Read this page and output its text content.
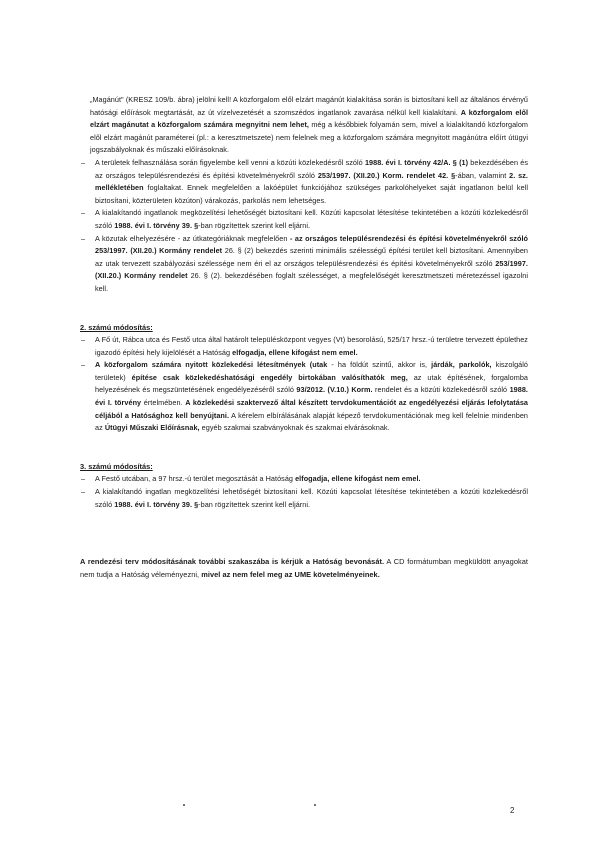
„Magánút" (KRESZ 109/b. ábra) jelölni kell! A közforgalom elől elzárt magánút kialakítása során is biztosítani kell az általános érvényű hatósági előírások megtartását, az út vízelvezetését a szomszédos ingatlanok zavarása nélkül kell kialakítani. A közforgalom elől elzárt magánutat a közforgalom számára megnyitni nem lehet, még a későbbiek folyamán sem, mivel a kialakítandó közforgalom elől elzárt magánút paraméterei (pl.: a keresztmetszete) nem felelnek meg a közforgalom számára megnyitott magánútra előírt útügyi jogszabályoknak és műszaki előírásoknak.

– A területek felhasználása során figyelembe kell venni a közúti közlekedésről szóló 1988. évi I. törvény 42/A. § (1) bekezdésében és az országos településrendezési és építési követelményekről szóló 253/1997. (XII.20.) Korm. rendelet 42. §-ában, valamint 2. sz. mellékletében foglaltakat. Ennek megfelelően a lakóépület funkciójához szükséges parkolóhelyeket saját ingatlanon belül kell biztosítani, közterületen közúton) várakozás, parkolás nem lehetséges.

– A kialakítandó ingatlanok megközelítési lehetőségét biztosítani kell. Közúti kapcsolat létesítése tekintetében a közúti közlekedésről szóló 1988. évi I. törvény 39. §-ban rögzítettek szerint kell eljárni.

– A közutak elhelyezésére - az útkategóriáknak megfelelően - az országos településrendezési és építési követelményekről szóló 253/1997. (XII.20.) Kormány rendelet 26. § (2) bekezdés szerinti minimális szélességű építési terület kell biztosítani. Amennyiben az utak tervezett szabályozási szélessége nem éri el az országos településrendezési és építési követelményekről szóló 253/1997. (XII.20.) Kormány rendelet 26. § (2). bekezdésében foglalt szélességet, a megfelelőségét keresztmetszeti méretezéssel igazolni kell.

2. számú módosítás:

– A Fő út, Rábca utca és Festő utca által határolt településközpont vegyes (Vt) besorolású, 525/17 hrsz.-ú területre tervezett épülethez igazodó építési hely kijelölését a Hatóság elfogadja, ellene kifogást nem emel.

– A közforgalom számára nyitott közlekedési létesítmények (utak - ha földút szintű, akkor is, járdák, parkolók, kiszolgáló területek) építése csak közlekedéshatósági engedély birtokában valósíthatók meg, az utak építésének, forgalomba helyezésének és megszüntetésének engedélyezéséről szóló 93/2012. (V.10.) Korm. rendelet és a közúti közlekedésről szóló 1988. évi I. törvény értelmében. A közlekedési szaktervező által készített tervdokumentációt az engedélyezési eljárás lefolytatása céljából a Hatósághoz kell benyújtani. A kérelem elbírálásának alapját képező tervdokumentációnak meg kell felelnie mindenben az Útügyi Műszaki Előírásnak, egyéb szakmai szabványoknak és szakmai elvárásoknak.

3. számú módosítás:

– A Festő utcában, a 97 hrsz.-ú terület megosztását a Hatóság elfogadja, ellene kifogást nem emel.

– A kialakítandó ingatlan megközelítési lehetőségét biztosítani kell. Közúti kapcsolat létesítése tekintetében a közúti közlekedésről szóló 1988. évi I. törvény 39. §-ban rögzítettek szerint kell eljárni.

A rendezési terv módosításának további szakaszába is kérjük a Hatóság bevonását. A CD formátumban megküldött anyagokat nem tudja a Hatóság véleményezni, mivel az nem felel meg az UME követelményeinek.

2
